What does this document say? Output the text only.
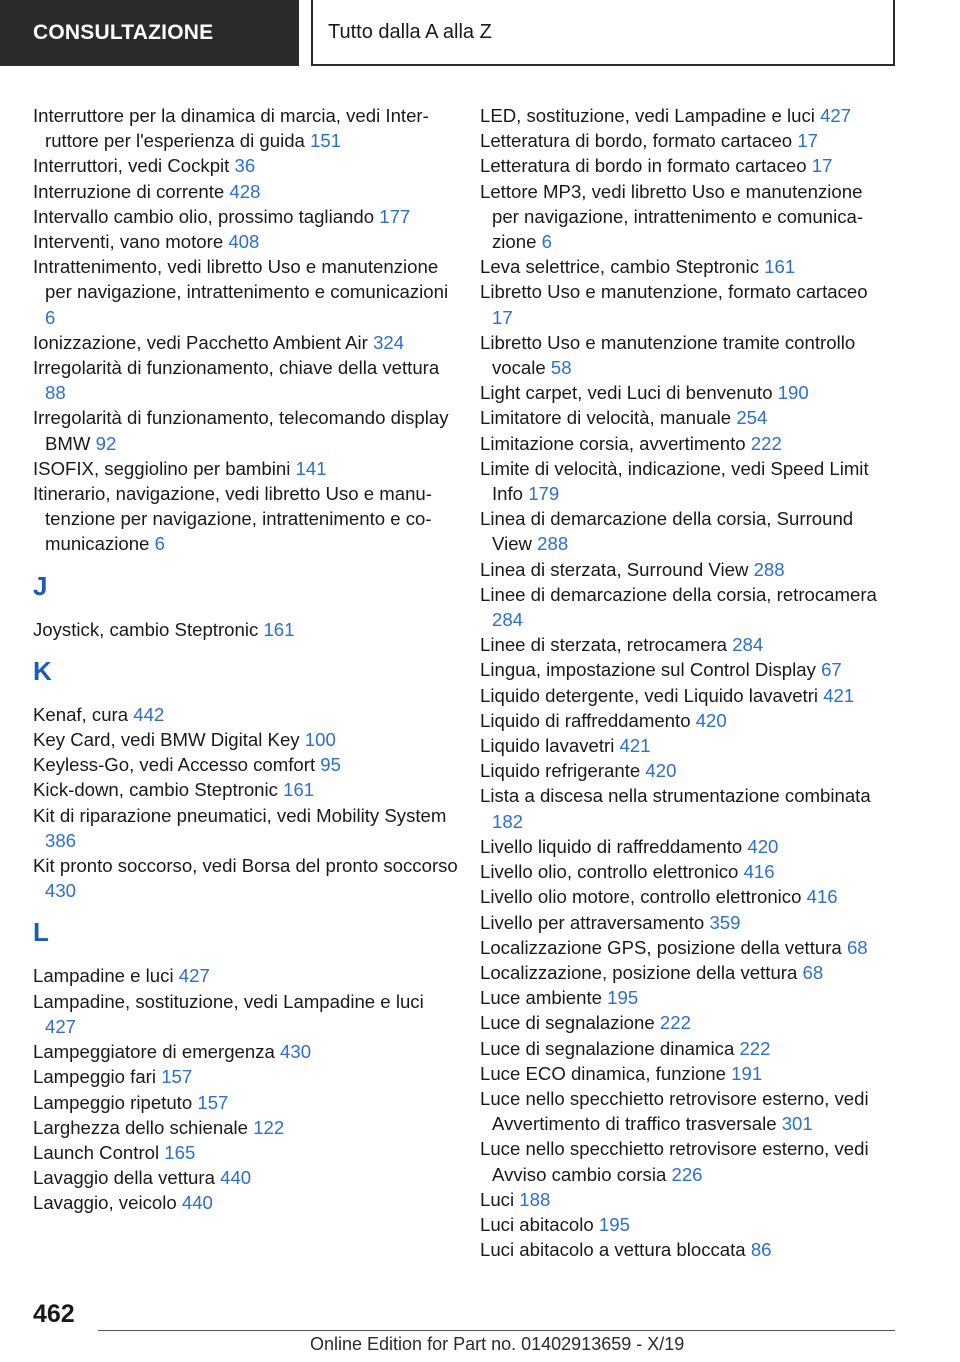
CONSULTAZIONE	Tutto dalla A alla Z
Interruttore per la dinamica di marcia, vedi Interruttore per l'esperienza di guida 151
Interruttori, vedi Cockpit 36
Interruzione di corrente 428
Intervallo cambio olio, prossimo tagliando 177
Interventi, vano motore 408
Intrattenimento, vedi libretto Uso e manutenzione per navigazione, intrattenimento e comunicazioni 6
Ionizzazione, vedi Pacchetto Ambient Air 324
Irregolarità di funzionamento, chiave della vettura 88
Irregolarità di funzionamento, telecomando display BMW 92
ISOFIX, seggiolino per bambini 141
Itinerario, navigazione, vedi libretto Uso e manutenzione per navigazione, intrattenimento e comunicazione 6
J
Joystick, cambio Steptronic 161
K
Kenaf, cura 442
Key Card, vedi BMW Digital Key 100
Keyless-Go, vedi Accesso comfort 95
Kick-down, cambio Steptronic 161
Kit di riparazione pneumatici, vedi Mobility System 386
Kit pronto soccorso, vedi Borsa del pronto soccorso 430
L
Lampadine e luci 427
Lampadine, sostituzione, vedi Lampadine e luci 427
Lampeggiatore di emergenza 430
Lampeggio fari 157
Lampeggio ripetuto 157
Larghezza dello schienale 122
Launch Control 165
Lavaggio della vettura 440
Lavaggio, veicolo 440
LED, sostituzione, vedi Lampadine e luci 427
Letteratura di bordo, formato cartaceo 17
Letteratura di bordo in formato cartaceo 17
Lettore MP3, vedi libretto Uso e manutenzione per navigazione, intrattenimento e comunicazione 6
Leva selettrice, cambio Steptronic 161
Libretto Uso e manutenzione, formato cartaceo 17
Libretto Uso e manutenzione tramite controllo vocale 58
Light carpet, vedi Luci di benvenuto 190
Limitatore di velocità, manuale 254
Limitazione corsia, avvertimento 222
Limite di velocità, indicazione, vedi Speed Limit Info 179
Linea di demarcazione della corsia, Surround View 288
Linea di sterzata, Surround View 288
Linee di demarcazione della corsia, retrocamera 284
Linee di sterzata, retrocamera 284
Lingua, impostazione sul Control Display 67
Liquido detergente, vedi Liquido lavavetri 421
Liquido di raffreddamento 420
Liquido lavavetri 421
Liquido refrigerante 420
Lista a discesa nella strumentazione combinata 182
Livello liquido di raffreddamento 420
Livello olio, controllo elettronico 416
Livello olio motore, controllo elettronico 416
Livello per attraversamento 359
Localizzazione GPS, posizione della vettura 68
Localizzazione, posizione della vettura 68
Luce ambiente 195
Luce di segnalazione 222
Luce di segnalazione dinamica 222
Luce ECO dinamica, funzione 191
Luce nello specchietto retrovisore esterno, vedi Avvertimento di traffico trasversale 301
Luce nello specchietto retrovisore esterno, vedi Avviso cambio corsia 226
Luci 188
Luci abitacolo 195
Luci abitacolo a vettura bloccata 86
462
Online Edition for Part no. 01402913659 - X/19
